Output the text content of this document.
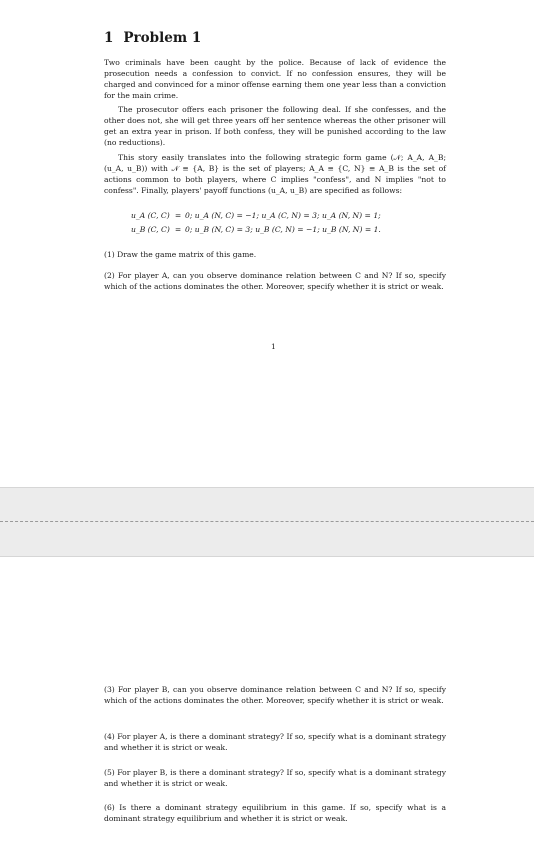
1 Problem 1
Two criminals have been caught by the police. Because of lack of evidence the prosecution needs a confession to convict. If no confession ensures, they will be charged and convinced for a minor offense earning them one year less than a conviction for the main crime.
The prosecutor offers each prisoner the following deal. If she confesses, and the other does not, she will get three years off her sentence whereas the other prisoner will get an extra year in prison. If both confess, they will be punished according to the law (no reductions).
This story easily translates into the following strategic form game (𝒩; A_A, A_B; (u_A, u_B)) with 𝒩 ≡ {A, B} is the set of players; A_A ≡ {C, N} ≡ A_B is the set of actions common to both players, where C implies "confess", and N implies "not to confess". Finally, players' payoff functions (u_A, u_B) are specified as follows:
u_A (C, C) = 0; u_A (N, C) = −1; u_A (C, N) = 3; u_A (N, N) = 1;
u_B (C, C) = 0; u_B (N, C) = 3; u_B (C, N) = −1; u_B (N, N) = 1.
(1) Draw the game matrix of this game.
(2) For player A, can you observe dominance relation between C and N? If so, specify which of the actions dominates the other. Moreover, specify whether it is strict or weak.
1
(3) For player B, can you observe dominance relation between C and N? If so, specify which of the actions dominates the other. Moreover, specify whether it is strict or weak.
(4) For player A, is there a dominant strategy? If so, specify what is a dominant strategy and whether it is strict or weak.
(5) For player B, is there a dominant strategy? If so, specify what is a dominant strategy and whether it is strict or weak.
(6) Is there a dominant strategy equilibrium in this game. If so, specify what is a dominant strategy equilibrium and whether it is strict or weak.
